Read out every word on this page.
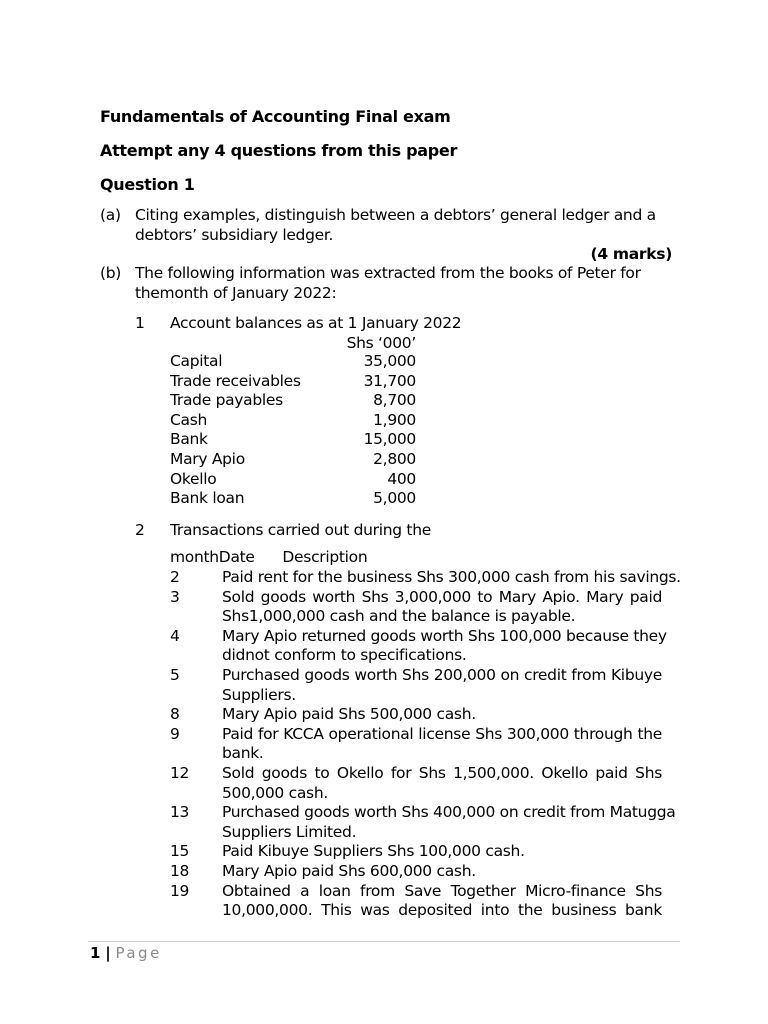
Fundamentals of Accounting Final exam
Attempt any 4 questions from this paper
Question 1
(a) Citing examples, distinguish between a debtors’ general ledger and a
debtors’ subsidiary ledger.
(4 marks)
(b) The following information was extracted from the books of Peter for
themonth of January 2022:
1 Account balances as at 1 January 2022
Shs ‘000’
Capital	35,000
Trade receivables	31,700
Trade payables	8,700
Cash	1,900
Bank	15,000
Mary Apio	2,800
Okello	400
Bank loan	5,000
2 Transactions carried out during the
monthDate      Description
2	Paid rent for the business Shs 300,000 cash from his savings.
3	Sold goods worth Shs 3,000,000 to Mary Apio. Mary paid
Shs1,000,000 cash and the balance is payable.
4	Mary Apio returned goods worth Shs 100,000 because they
didnot conform to specifications.
5	Purchased goods worth Shs 200,000 on credit from Kibuye
Suppliers.
8	Mary Apio paid Shs 500,000 cash.
9	Paid for KCCA operational license Shs 300,000 through the
bank.
12 Sold goods to Okello for Shs 1,500,000. Okello paid Shs
500,000 cash.
13 Purchased goods worth Shs 400,000 on credit from Matugga
Suppliers Limited.
15 Paid Kibuye Suppliers Shs 100,000 cash.
18 Mary Apio paid Shs 600,000 cash.
19 Obtained a loan from Save Together Micro-finance Shs
10,000,000. This was deposited into the business bank
1 | Page
